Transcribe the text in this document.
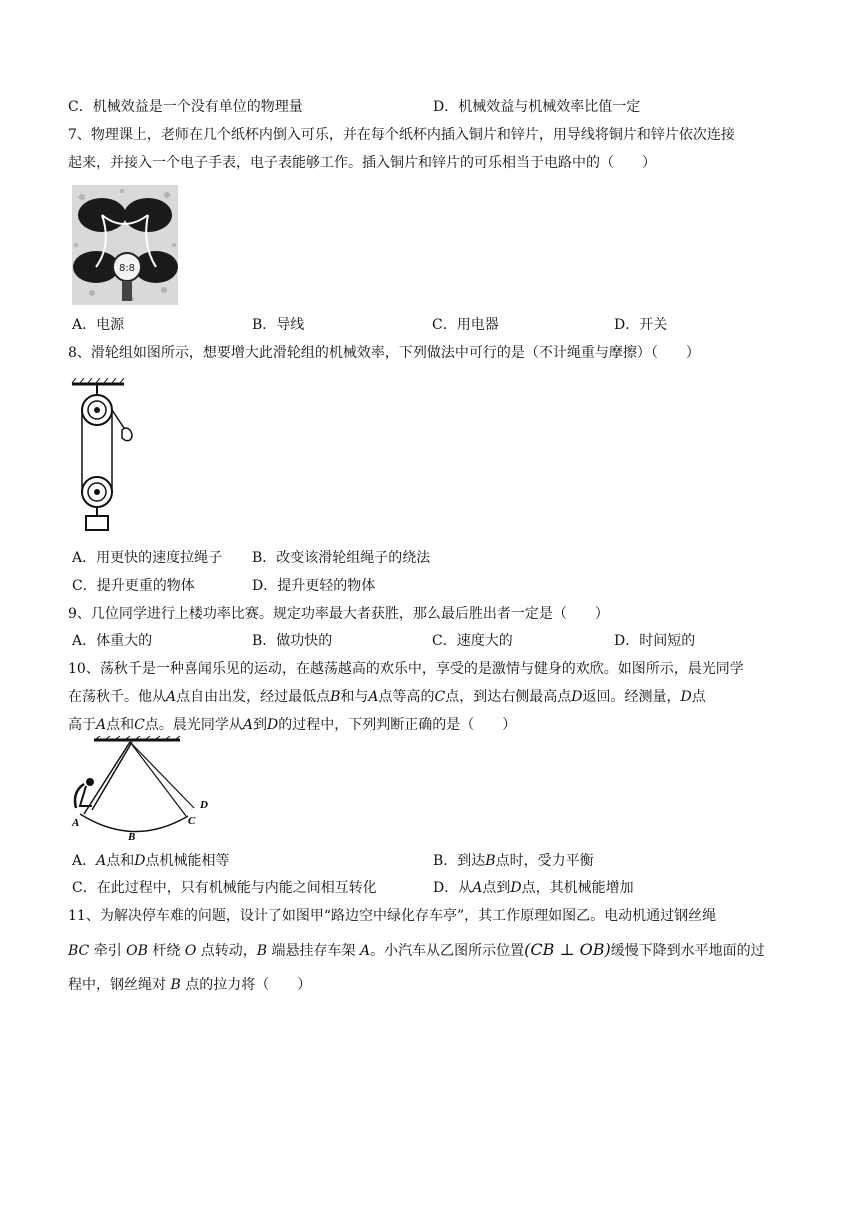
C．机械效益是一个没有单位的物理量	D．机械效益与机械效率比值一定
7、物理课上，老师在几个纸杯内倒入可乐，并在每个纸杯内插入铜片和锌片，用导线将铜片和锌片依次连接
起来，并接入一个电子手表，电子表能够工作。插入铜片和锌片的可乐相当于电路中的（　　）
8:8
A．电源	B．导线	C．用电器	D．开关
8、滑轮组如图所示，想要增大此滑轮组的机械效率，下列做法中可行的是（不计绳重与摩擦）（　　）
A．用更快的速度拉绳子 B．改变该滑轮组绳子的绕法
C．提升更重的物体	D．提升更轻的物体
9、几位同学进行上楼功率比赛。规定功率最大者获胜，那么最后胜出者一定是（　　）
A．体重大的	B．做功快的	C．速度大的	D．时间短的
10、荡秋千是一种喜闻乐见的运动，在越荡越高的欢乐中，享受的是激情与健身的欢欣。如图所示，晨光同学
在荡秋千。他从A点自由出发，经过最低点B和与A点等高的C点，到达右侧最高点D返回。经测量，D点
高于A点和C点。晨光同学从A到D的过程中，下列判断正确的是（　　）
A
B
C
D
A．A点和D点机械能相等	B．到达B点时，受力平衡
C．在此过程中，只有机械能与内能之间相互转化	D．从A点到D点，其机械能增加
11、为解决停车难的问题，设计了如图甲“路边空中绿化存车亭”，其工作原理如图乙。电动机通过钢丝绳
BC 牵引 OB 杆绕 O 点转动，B 端悬挂存车架 A。小汽车从乙图所示位置(CB ⊥ OB)缓慢下降到水平地面的过
程中，钢丝绳对 B 点的拉力将（　　）
